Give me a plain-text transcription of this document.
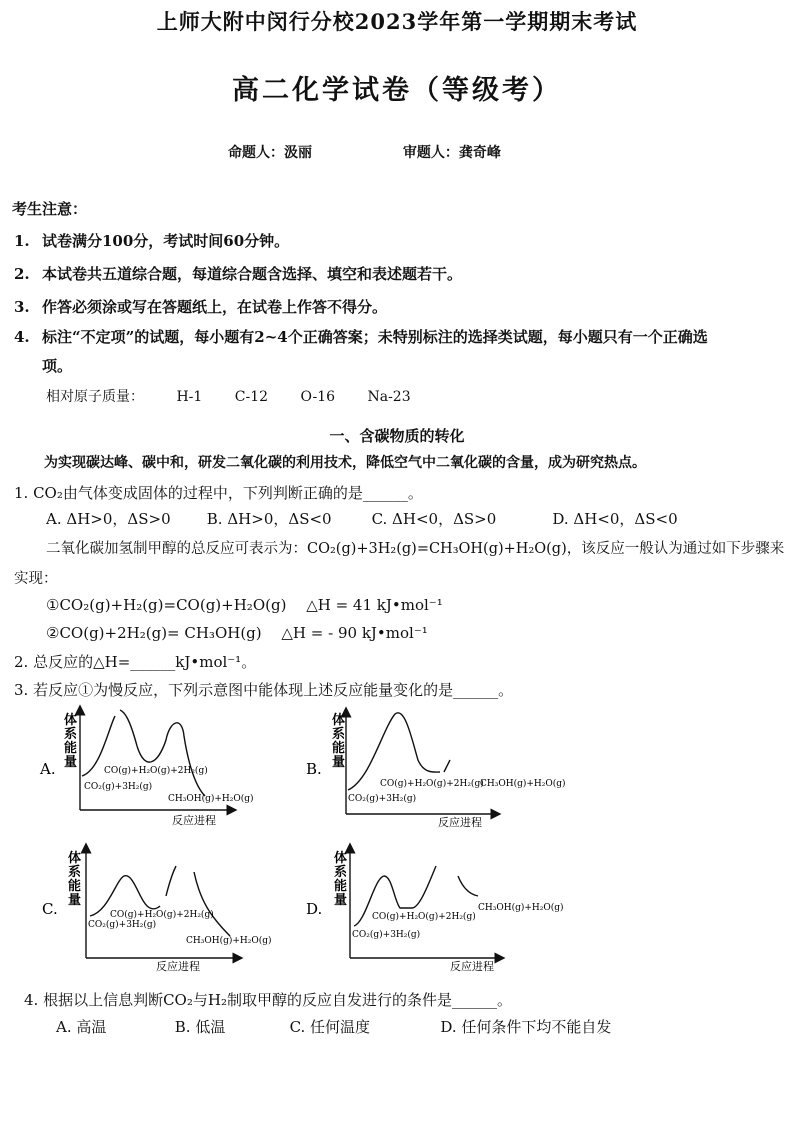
上师大附中闵行分校2023学年第一学期期末考试
高二化学试卷（等级考）
命题人：汲丽	审题人：龚奇峰
考生注意：
1. 试卷满分100分，考试时间60分钟。
2. 本试卷共五道综合题，每道综合题含选择、填空和表述题若干。
3. 作答必须涂或写在答题纸上，在试卷上作答不得分。
4. 标注“不定项”的试题，每小题有2~4个正确答案；未特别标注的选择类试题，每小题只有一个正确选
项。
相对原子质量： H-1 C-12 O-16 Na-23
一、含碳物质的转化
为实现碳达峰、碳中和，研发二氧化碳的利用技术，降低空气中二氧化碳的含量，成为研究热点。
1. CO₂由气体变成固体的过程中，下列判断正确的是______。
A. ΔH>0，ΔS>0 B. ΔH>0，ΔS<0	C. ΔH<0，ΔS>0	D. ΔH<0，ΔS<0
二氧化碳加氢制甲醇的总反应可表示为：CO₂(g)+3H₂(g)=CH₃OH(g)+H₂O(g)，该反应一般认为通过如下步骤来
实现：
①CO₂(g)+H₂(g)=CO(g)+H₂O(g)　 △H = 41 kJ•mol⁻¹
②CO(g)+2H₂(g)= CH₃OH(g)　 △H = - 90 kJ•mol⁻¹
2. 总反应的△H=______kJ•mol⁻¹。
3. 若反应①为慢反应，下列示意图中能体现上述反应能量变化的是______。
A.
体
系
能
量
反应进程
CO(g)+H₂O(g)+2H₂(g)
CO₂(g)+3H₂(g)
CH₃OH(g)+H₂O(g)
B.
体
系
能
量
反应进程
CO(g)+H₂O(g)+2H₂(g)
CO₂(g)+3H₂(g)
CH₃OH(g)+H₂O(g)
C.
体
系
能
量
反应进程
CO(g)+H₂O(g)+2H₂(g)
CO₂(g)+3H₂(g)
CH₃OH(g)+H₂O(g)
D.
体
系
能
量
反应进程
CO(g)+H₂O(g)+2H₂(g)
CO₂(g)+3H₂(g)
CH₃OH(g)+H₂O(g)
4. 根据以上信息判断CO₂与H₂制取甲醇的反应自发进行的条件是______。
A. 高温	B. 低温	C. 任何温度	D. 任何条件下均不能自发
